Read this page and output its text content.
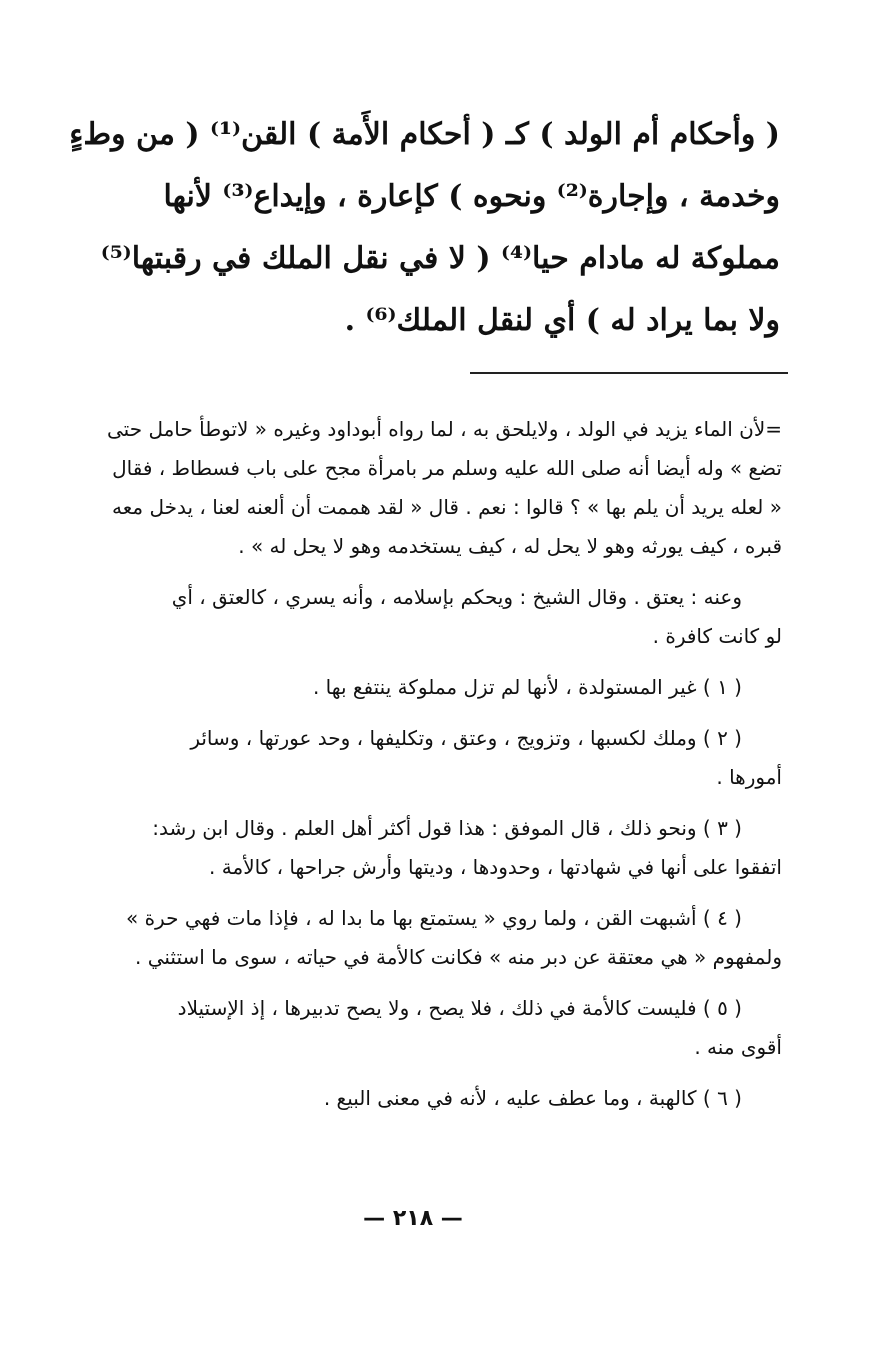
( وأحكام أم الولد ) كـ ( أحكام الأَمة ) القن⁽¹⁾ ( من وطءٍ
وخدمة ، وإجارة⁽²⁾ ونحوه ) كإعارة ، وإيداع⁽³⁾ لأنها
مملوكة له مادام حيا⁽⁴⁾ ( لا في نقل الملك في رقبتها⁽⁵⁾
ولا بما يراد له ) أي لنقل الملك⁽⁶⁾ .
=لأن الماء يزيد في الولد ، ولايلحق به ، لما رواه أبوداود وغيره « لاتوطأ حامل حتى
تضع » وله أيضا أنه صلى الله عليه وسلم مر بامرأة مجح على باب فسطاط ، فقال
« لعله يريد أن يلم بها » ؟ قالوا : نعم . قال « لقد هممت أن ألعنه لعنا ، يدخل معه
قبره ، كيف يورثه وهو لا يحل له ، كيف يستخدمه وهو لا يحل له » .
وعنه : يعتق . وقال الشيخ : ويحكم بإسلامه ، وأنه يسري ، كالعتق ، أي
لو كانت كافرة .
( ١ ) غير المستولدة ، لأنها لم تزل مملوكة ينتفع بها .
( ٢ ) وملك لكسبها ، وتزويج ، وعتق ، وتكليفها ، وحد عورتها ، وسائر
أمورها .
( ٣ ) ونحو ذلك ، قال الموفق : هذا قول أكثر أهل العلم . وقال ابن رشد:
اتفقوا على أنها في شهادتها ، وحدودها ، وديتها وأرش جراحها ، كالأمة .
( ٤ ) أشبهت القن ، ولما روي « يستمتع بها ما بدا له ، فإذا مات فهي حرة »
ولمفهوم « هي معتقة عن دبر منه » فكانت كالأمة في حياته ، سوى ما استثني .
( ٥ ) فليست كالأمة في ذلك ، فلا يصح ، ولا يصح تدبيرها ، إذ الإستيلاد
أقوى منه .
( ٦ ) كالهبة ، وما عطف عليه ، لأنه في معنى البيع .
— ٢١٨ —
